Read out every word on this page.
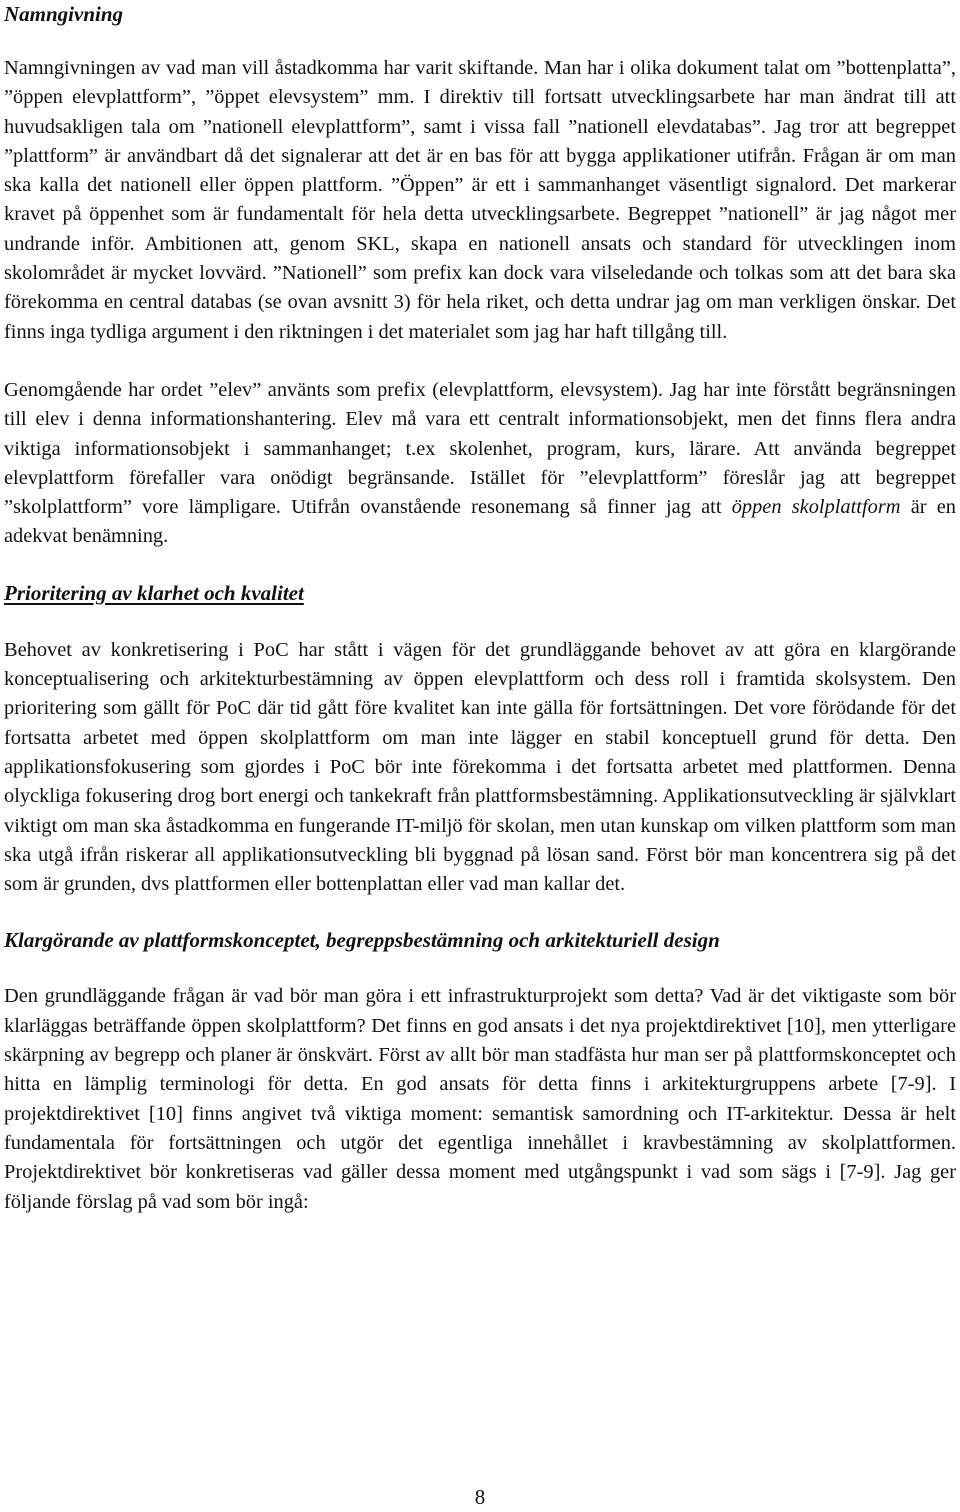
Namngivning

Namngivningen av vad man vill åstadkomma har varit skiftande. Man har i olika dokument talat om ”bottenplatta”, ”öppen elevplattform”, ”öppet elevsystem” mm. I direktiv till fortsatt utvecklingsarbete har man ändrat till att huvudsakligen tala om ”nationell elevplattform”, samt i vissa fall ”nationell elevdatabas”. Jag tror att begreppet ”plattform” är användbart då det signalerar att det är en bas för att bygga applikationer utifrån. Frågan är om man ska kalla det nationell eller öppen plattform. ”Öppen” är ett i sammanhanget väsentligt signalord. Det markerar kravet på öppenhet som är fundamentalt för hela detta utvecklingsarbete. Begreppet ”nationell” är jag något mer undrande inför. Ambitionen att, genom SKL, skapa en nationell ansats och standard för utvecklingen inom skolområdet är mycket lovvärd. ”Nationell” som prefix kan dock vara vilseledande och tolkas som att det bara ska förekomma en central databas (se ovan avsnitt 3) för hela riket, och detta undrar jag om man verkligen önskar. Det finns inga tydliga argument i den riktningen i det materialet som jag har haft tillgång till.

Genomgående har ordet ”elev” använts som prefix (elevplattform, elevsystem). Jag har inte förstått begränsningen till elev i denna informationshantering. Elev må vara ett centralt informationsobjekt, men det finns flera andra viktiga informationsobjekt i sammanhanget; t.ex skolenhet, program, kurs, lärare. Att använda begreppet elevplattform förefaller vara onödigt begränsande. Istället för ”elevplattform” föreslår jag att begreppet ”skolplattform” vore lämpligare. Utifrån ovanstående resonemang så finner jag att öppen skolplattform är en adekvat benämning.

Prioritering av klarhet och kvalitet

Behovet av konkretisering i PoC har stått i vägen för det grundläggande behovet av att göra en klargörande konceptualisering och arkitekturbestämning av öppen elevplattform och dess roll i framtida skolsystem. Den prioritering som gällt för PoC där tid gått före kvalitet kan inte gälla för fortsättningen. Det vore förödande för det fortsatta arbetet med öppen skolplattform om man inte lägger en stabil konceptuell grund för detta. Den applikationsfokusering som gjordes i PoC bör inte förekomma i det fortsatta arbetet med plattformen. Denna olyckliga fokusering drog bort energi och tankekraft från plattformsbestämning. Applikationsutveckling är självklart viktigt om man ska åstadkomma en fungerande IT-miljö för skolan, men utan kunskap om vilken plattform som man ska utgå ifrån riskerar all applikationsutveckling bli byggnad på lösan sand. Först bör man koncentrera sig på det som är grunden, dvs plattformen eller bottenplattan eller vad man kallar det.

Klargörande av plattformskonceptet, begreppsbestämning och arkitekturiell design

Den grundläggande frågan är vad bör man göra i ett infrastrukturprojekt som detta? Vad är det viktigaste som bör klarläggas beträffande öppen skolplattform? Det finns en god ansats i det nya projektdirektivet [10], men ytterligare skärpning av begrepp och planer är önskvärt. Först av allt bör man stadfästa hur man ser på plattformskonceptet och hitta en lämplig terminologi för detta. En god ansats för detta finns i arkitekturgruppens arbete [7-9]. I projektdirektivet [10] finns angivet två viktiga moment: semantisk samordning och IT-arkitektur. Dessa är helt fundamentala för fortsättningen och utgör det egentliga innehållet i kravbestämning av skolplattformen. Projektdirektivet bör konkretiseras vad gäller dessa moment med utgångspunkt i vad som sägs i [7-9]. Jag ger följande förslag på vad som bör ingå:

8
